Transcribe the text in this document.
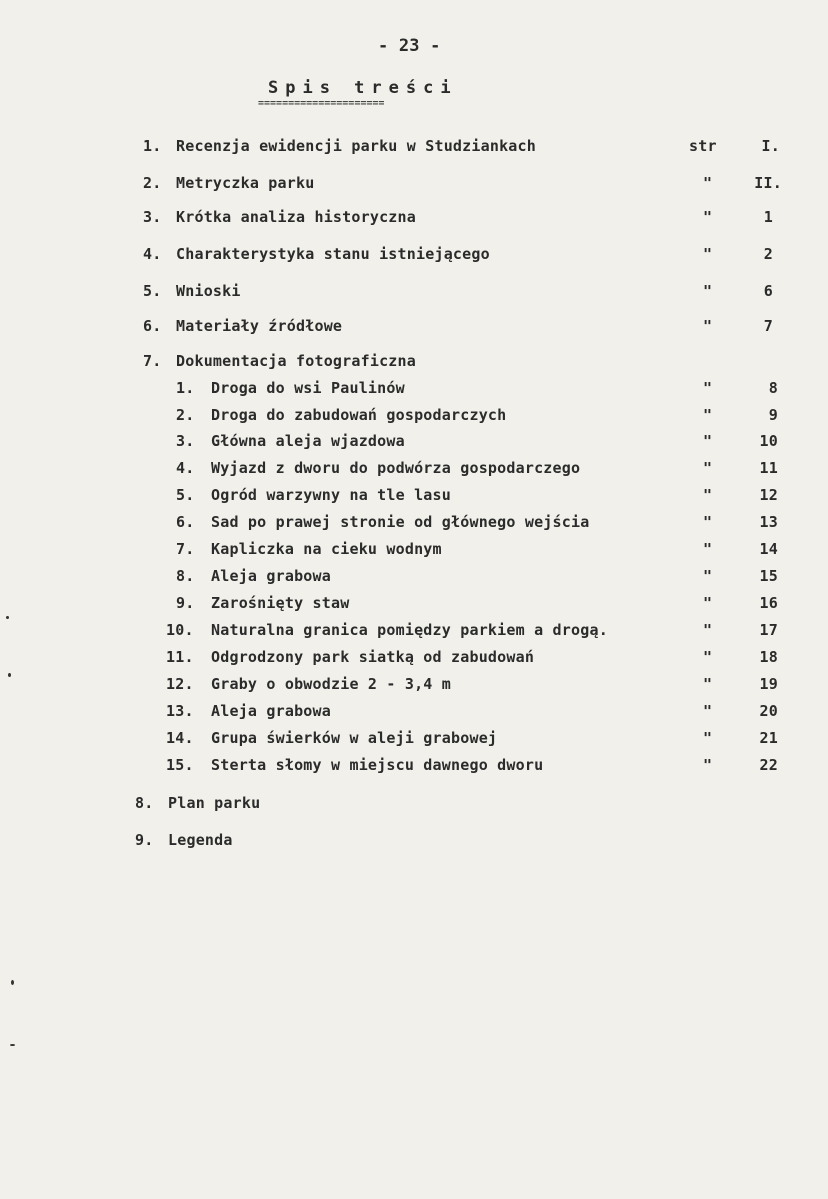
- 23 -
Spis treści
=====================
1. Recenzja ewidencji parku w Studziankach	str	I.
2. Metryczka parku	"	II.
3. Krótka analiza historyczna	"	1
4. Charakterystyka stanu istniejącego	"	2
5. Wnioski	"	6
6. Materiały źródłowe	"	7
7. Dokumentacja fotograficzna
1. Droga do wsi Paulinów	"	8
2. Droga do zabudowań gospodarczych	"	9
3. Główna aleja wjazdowa	"	10
4. Wyjazd z dworu do podwórza gospodarczego	"	11
5. Ogród warzywny na tle lasu	"	12
6. Sad po prawej stronie od głównego wejścia	"	13
7. Kapliczka na cieku wodnym	"	14
8. Aleja grabowa	"	15
9. Zarośnięty staw	"	16
10. Naturalna granica pomiędzy parkiem a drogą.	"	17
11. Odgrodzony park siatką od zabudowań	"	18
12. Graby o obwodzie 2 - 3,4 m	"	19
13. Aleja grabowa	"	20
14. Grupa świerków w aleji grabowej	"	21
15. Sterta słomy w miejscu dawnego dworu	"	22
8. Plan parku
9. Legenda
